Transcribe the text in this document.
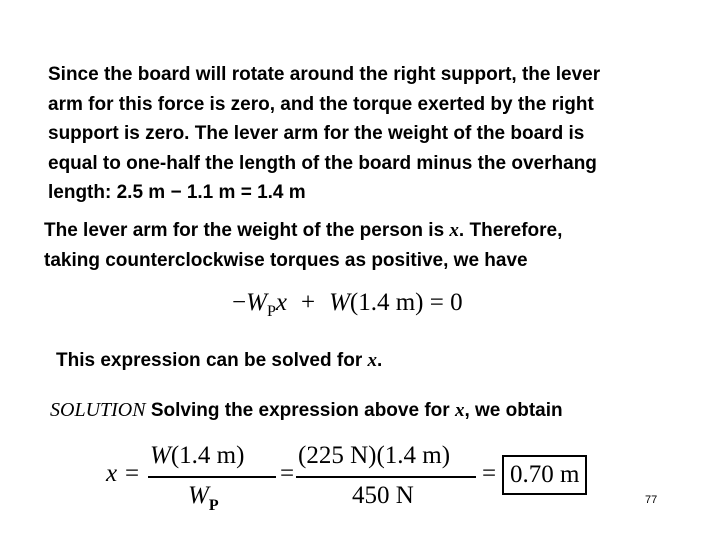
Since the board will rotate around the right support, the lever
arm for this force is zero, and the torque exerted by the right
support is zero. The lever arm for the weight of the board is
equal to one-half the length of the board minus the overhang
length: 2.5 m − 1.1 m = 1.4 m
The lever arm for the weight of the person is x. Therefore,
taking counterclockwise torques as positive, we have
$-W_Px + W(1.4$ m) = 0
This expression can be solved for x.
SOLUTION Solving the expression above for x, we obtain
x =
W(1.4 m)
$W_P$
=
(225 N)(1.4 m)
450 N
= 0.70 m
77
